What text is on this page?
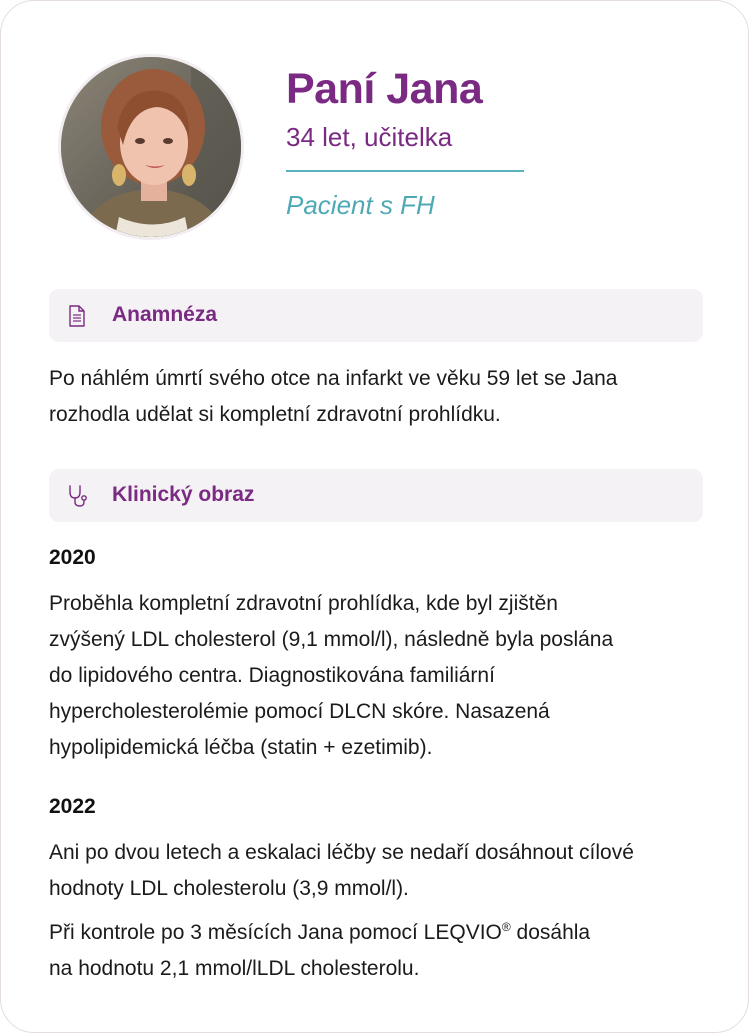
Paní Jana
34 let, učitelka
Pacient s FH
Anamnéza
Po náhlém úmrtí svého otce na infarkt ve věku 59 let se Jana
rozhodla udělat si kompletní zdravotní prohlídku.
Klinický obraz
2020
Proběhla kompletní zdravotní prohlídka, kde byl zjištěn
zvýšený LDL cholesterol (9,1 mmol/l), následně byla poslána
do lipidového centra. Diagnostikována familiární
hypercholesterolémie pomocí DLCN skóre. Nasazená
hypolipidemická léčba (statin + ezetimib).
2022
Ani po dvou letech a eskalaci léčby se nedaří dosáhnout cílové
hodnoty LDL cholesterolu (3,9 mmol/l).
Při kontrole po 3 měsících Jana pomocí LEQVIO® dosáhla
na hodnotu 2,1 mmol/lLDL cholesterolu.
